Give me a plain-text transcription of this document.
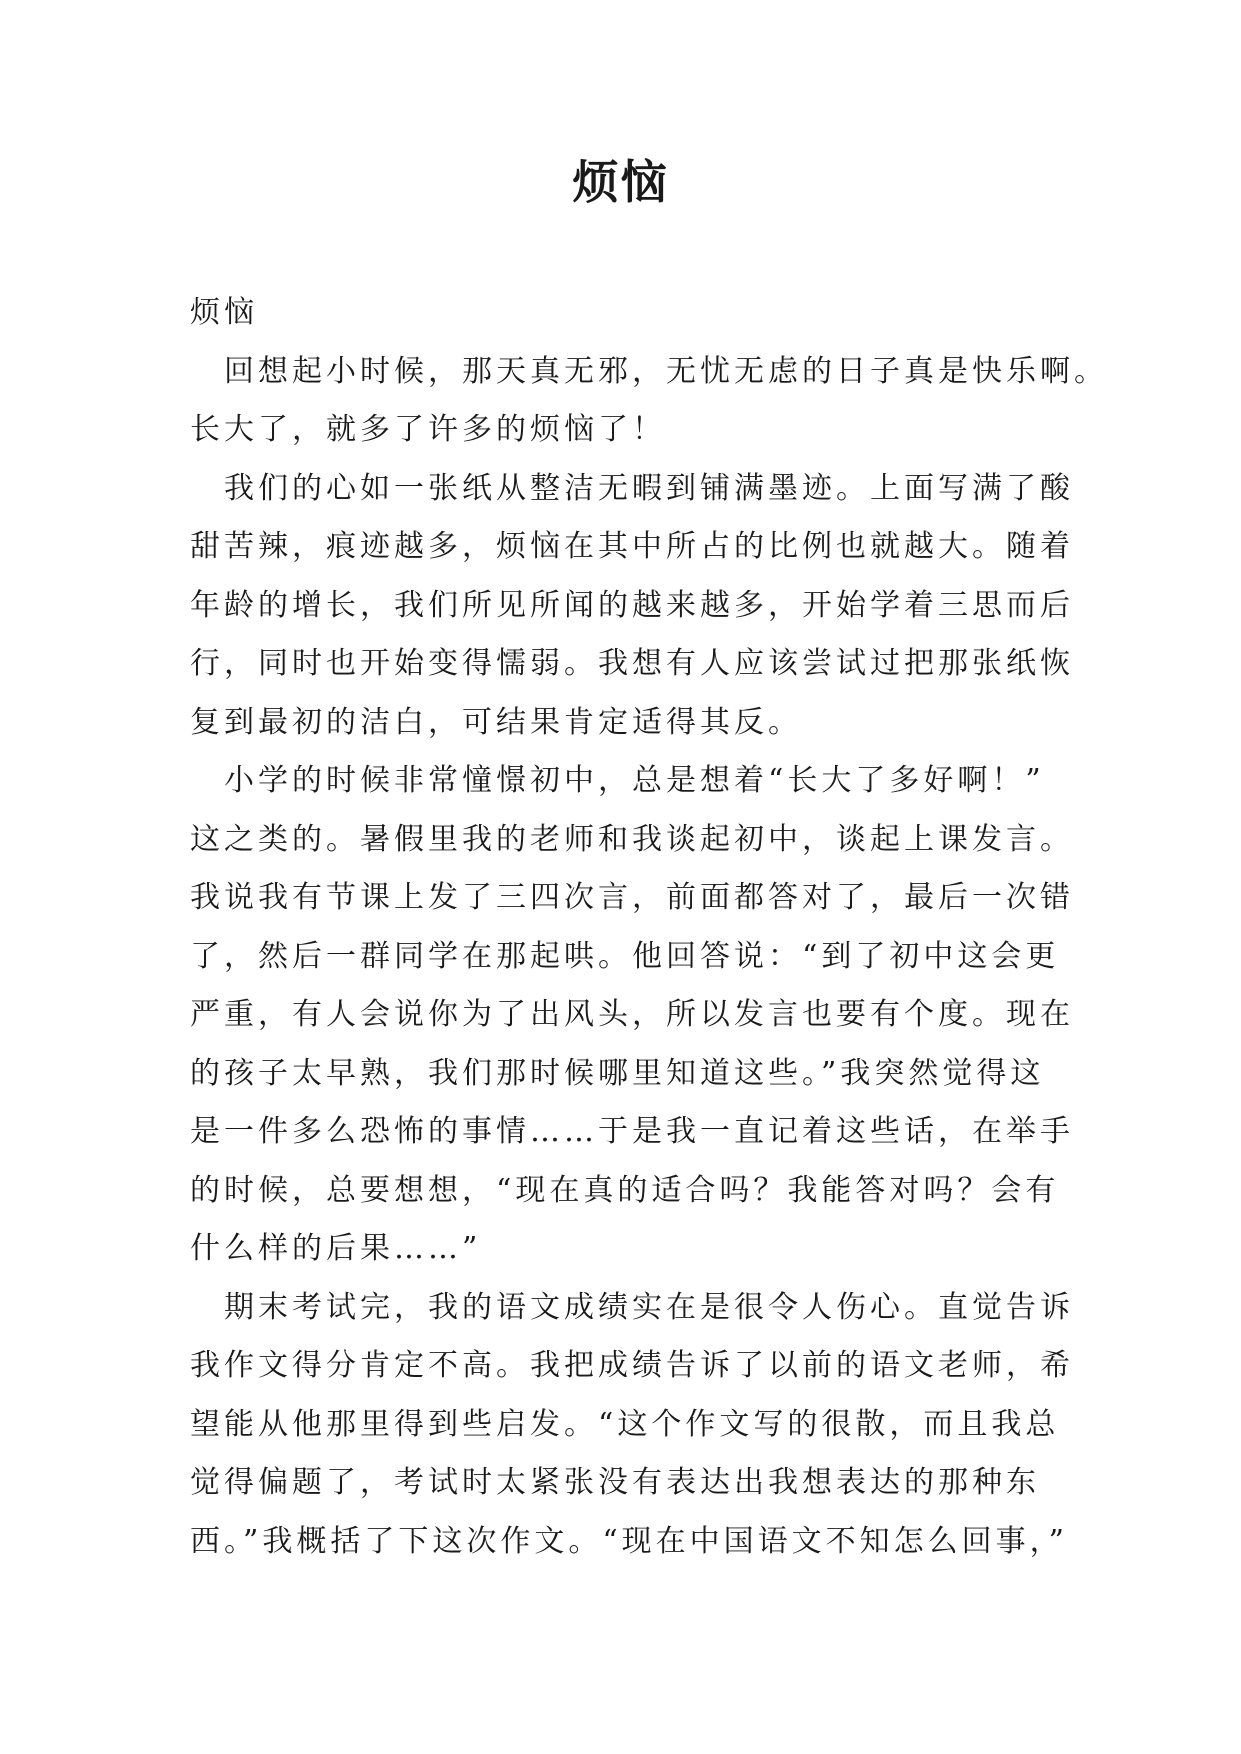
烦恼
烦恼
回想起小时候，那天真无邪，无忧无虑的日子真是快乐啊。
长大了，就多了许多的烦恼了！
我们的心如一张纸从整洁无暇到铺满墨迹。上面写满了酸
甜苦辣，痕迹越多，烦恼在其中所占的比例也就越大。随着
年龄的增长，我们所见所闻的越来越多，开始学着三思而后
行，同时也开始变得懦弱。我想有人应该尝试过把那张纸恢
复到最初的洁白，可结果肯定适得其反。
小学的时候非常憧憬初中，总是想着“长大了多好啊！”
这之类的。暑假里我的老师和我谈起初中，谈起上课发言。
我说我有节课上发了三四次言，前面都答对了，最后一次错
了，然后一群同学在那起哄。他回答说：“到了初中这会更
严重，有人会说你为了出风头，所以发言也要有个度。现在
的孩子太早熟，我们那时候哪里知道这些。”我突然觉得这
是一件多么恐怖的事情……于是我一直记着这些话，在举手
的时候，总要想想，“现在真的适合吗？我能答对吗？会有
什么样的后果……”
期末考试完，我的语文成绩实在是很令人伤心。直觉告诉
我作文得分肯定不高。我把成绩告诉了以前的语文老师，希
望能从他那里得到些启发。“这个作文写的很散，而且我总
觉得偏题了，考试时太紧张没有表达出我想表达的那种东
西。”我概括了下这次作文。“现在中国语文不知怎么回事，”
